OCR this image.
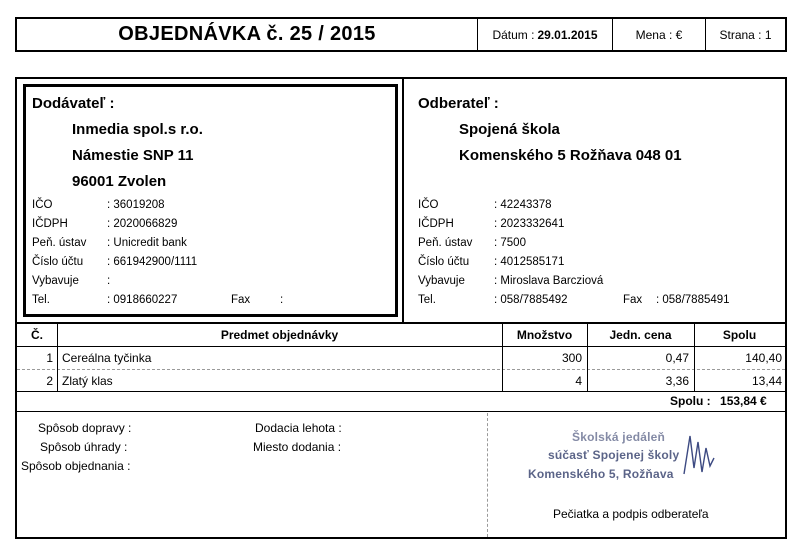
OBJEDNÁVKA č. 25 / 2015	Dátum : 29.01.2015	Mena : €	Strana : 1
Dodávateľ :
Inmedia spol.s r.o.
Námestie SNP 11
96001 Zvolen
IČO	: 36019208
IČDPH	: 2020066829
Peň. ústav : Unicredit bank
Číslo účtu : 661942900/1111
Vybavuje :
Tel.	: 0918660227	Fax	:
Odberateľ :
Spojená škola
Komenského 5 Rožňava 048 01
IČO	: 42243378
IČDPH	: 2023332641
Peň. ústav : 7500
Číslo účtu : 4012585171
Vybavuje	: Miroslava Barcziová
Tel.	: 058/7885492	Fax : 058/7885491
Č.	Predmet objednávky	Množstvo	Jedn. cena	Spolu
1 Cereálna tyčinka	300	0,47	140,40
2 Zlatý klas	4	3,36	13,44
Spolu : 153,84 €
Spôsob dopravy :
Spôsob úhrady :
Spôsob objednania :
Dodacia lehota :
Miesto dodania :
Školská jedáleň
súčasť Spojenej školy
Komenského 5, Rožňava
Pečiatka a podpis odberateľa
